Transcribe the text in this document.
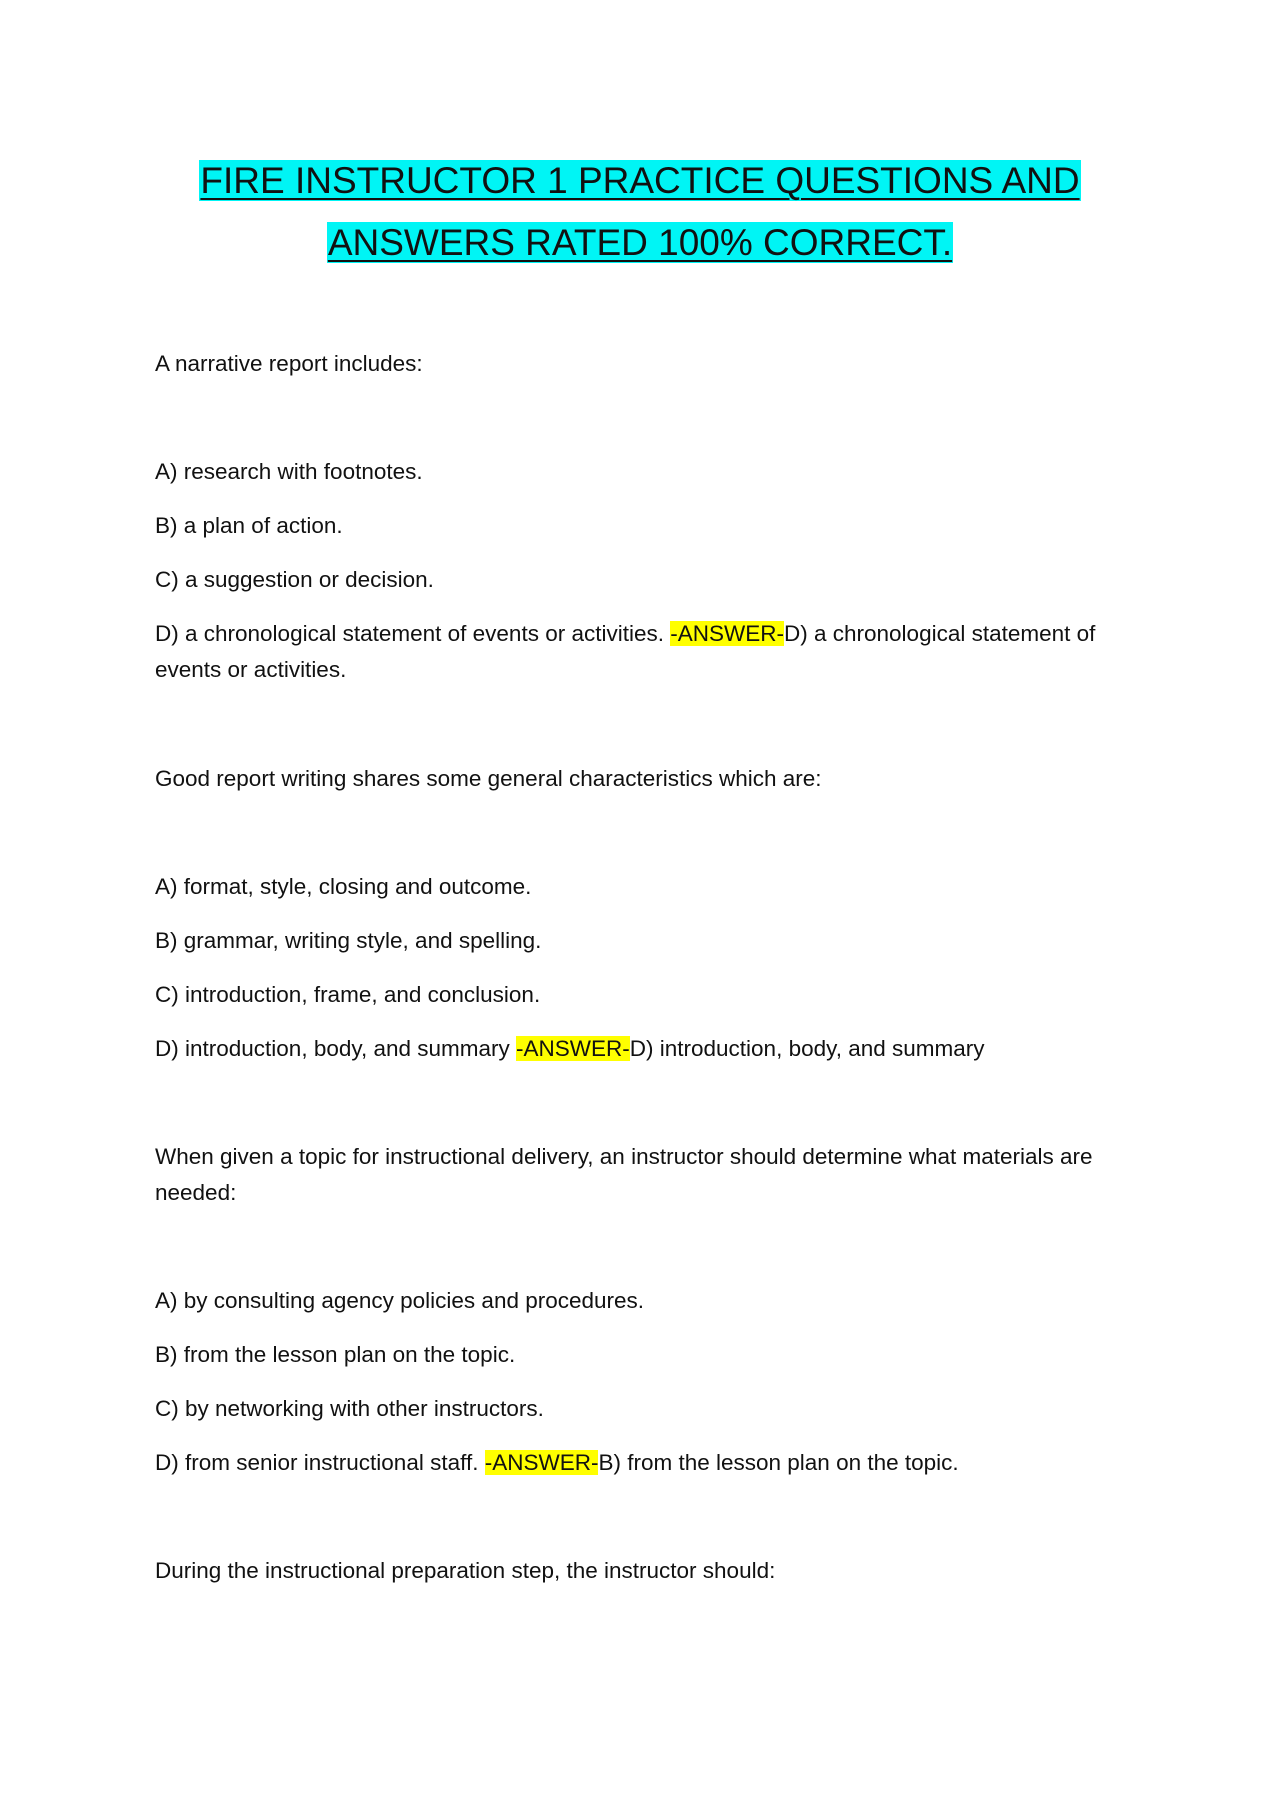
FIRE INSTRUCTOR 1 PRACTICE QUESTIONS AND
ANSWERS RATED 100% CORRECT.

A narrative report includes:

A) research with footnotes.

B) a plan of action.

C) a suggestion or decision.

D) a chronological statement of events or activities. -ANSWER-D) a chronological statement of events or activities.

Good report writing shares some general characteristics which are:

A) format, style, closing and outcome.

B) grammar, writing style, and spelling.

C) introduction, frame, and conclusion.

D) introduction, body, and summary -ANSWER-D) introduction, body, and summary

When given a topic for instructional delivery, an instructor should determine what materials are needed:

A) by consulting agency policies and procedures.

B) from the lesson plan on the topic.

C) by networking with other instructors.

D) from senior instructional staff. -ANSWER-B) from the lesson plan on the topic.

During the instructional preparation step, the instructor should:
